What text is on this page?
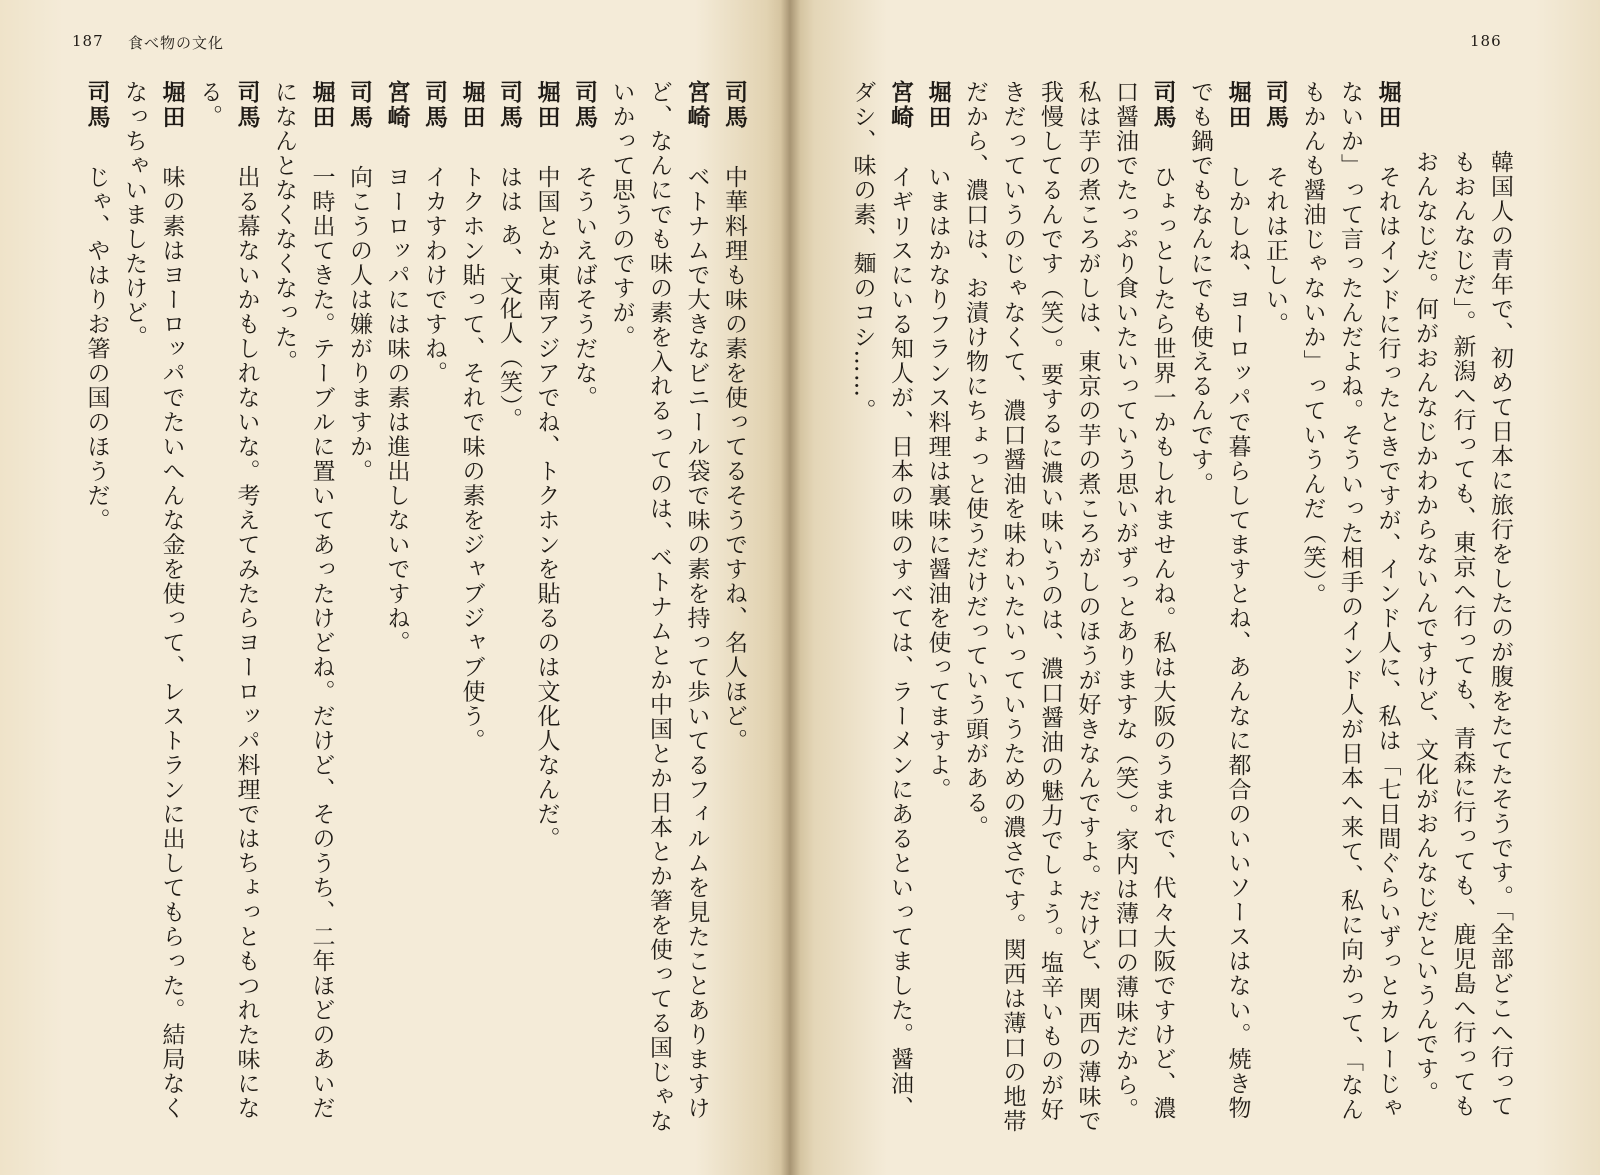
187 食べ物の文化
司馬　中華料理も味の素を使ってるそうですね、名人ほど。
宮崎　ベトナムで大きなビニール袋で味の素を持って歩いてるフィルムを見たことありますけど、なんにでも味の素を入れるってのは、ベトナムとか中国とか日本とか箸を使ってる国じゃないかって思うのですが。
司馬　そういえばそうだな。
堀田　中国とか東南アジアでね、トクホンを貼るのは文化人なんだ。
司馬　はは あ、文化人（笑）。
堀田　トクホン貼って、それで味の素をジャブジャブ使う。
司馬　イカすわけですね。
宮崎　ヨーロッパには味の素は進出しないですね。
司馬　向こうの人は嫌がりますか。
堀田　一時出てきた。テーブルに置いてあったけどね。だけど、そのうち、二年ほどのあいだになんとなくなくなった。
司馬　出る幕ないかもしれないな。考えてみたらヨーロッパ料理ではちょっともつれた味になる。
堀田　味の素はヨーロッパでたいへんな金を使って、レストランに出してもらった。結局なくなっちゃいましたけど。
司馬　じゃ、やはりお箸の国のほうだ。
186
韓国人の青年で、初めて日本に旅行をしたのが腹をたてたそうです。「全部どこへ行ってもおんなじだ」。新潟へ行っても、東京へ行っても、青森に行っても、鹿児島へ行ってもおんなじだ。何がおんなじかわからないんですけど、文化がおんなじだというんです。
堀田　それはインドに行ったときですが、インド人に、私は「七日間ぐらいずっとカレーじゃないか」って言ったんだよね。そういった相手のインド人が日本へ来て、私に向かって、「なんもかんも醤油じゃないか」っていうんだ（笑）。
司馬　それは正しい。
堀田　しかしね、ヨーロッパで暮らしてますとね、あんなに都合のいいソースはない。焼き物でも鍋でもなんにでも使えるんです。
司馬　ひょっとしたら世界一かもしれませんね。私は大阪のうまれで、代々大阪ですけど、濃口醤油でたっぷり食いたいっていう思いがずっとありますな（笑）。家内は薄口の薄味だから。私は芋の煮ころがしは、東京の芋の煮ころがしのほうが好きなんですよ。だけど、関西の薄味で我慢してるんです（笑）。要するに濃い味いうのは、濃口醤油の魅力でしょう。塩辛いものが好きだっていうのじゃなくて、濃口醤油を味わいたいっていうための濃さです。関西は薄口の地帯だから、濃口は、お漬け物にちょっと使うだけだっていう頭がある。
堀田　いまはかなりフランス料理は裏味に醤油を使ってますよ。
宮崎　イギリスにいる知人が、日本の味のすべては、ラーメンにあるといってました。醤油、ダシ、味の素、麺のコシ……。
